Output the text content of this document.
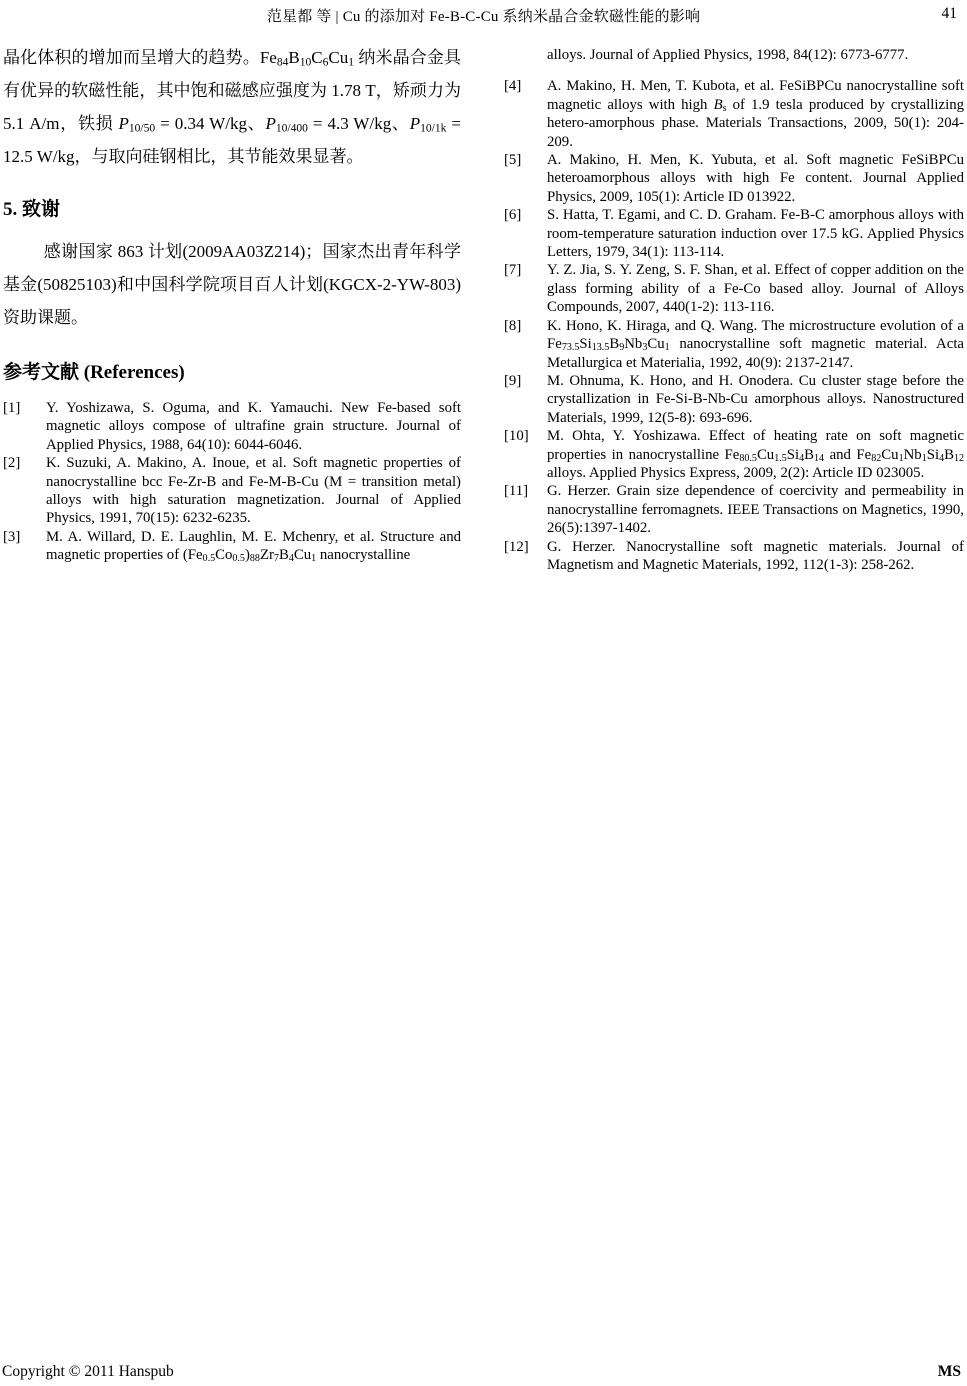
范星都 等 | Cu 的添加对 Fe-B-C-Cu 系纳米晶合金软磁性能的影响	41

晶化体积的增加而呈增大的趋势。$Fe_{84}B_{10}C_6Cu_1$ 纳米晶合金具有优异的软磁性能，其中饱和磁感应强度为 1.78 T，矫顽力为 5.1 A/m，铁损 $P_{10/50} = 0.34$ W/kg、$P_{10/400} = 4.3$ W/kg、$P_{10/1k} = 12.5$ W/kg，与取向硅钢相比，其节能效果显著。

5. 致谢

感谢国家 863 计划(2009AA03Z214)；国家杰出青年科学基金(50825103)和中国科学院项目百人计划(KGCX-2-YW-803)资助课题。

参考文献 (References)
[1]	Y. Yoshizawa, S. Oguma, and K. Yamauchi. New Fe-based soft magnetic alloys compose of ultrafine grain structure. Journal of Applied Physics, 1988, 64(10): 6044-6046.
[2]	K. Suzuki, A. Makino, A. Inoue, et al. Soft magnetic properties of nanocrystalline bcc Fe-Zr-B and Fe-M-B-Cu (M = transition metal) alloys with high saturation magnetization. Journal of Applied Physics, 1991, 70(15): 6232-6235.
[3]	M. A. Willard, D. E. Laughlin, M. E. Mchenry, et al. Structure and magnetic properties of $(Fe_{0.5}Co_{0.5})_{88}Zr_7B_4Cu_1$ nanocrystalline
alloys. Journal of Applied Physics, 1998, 84(12): 6773-6777.
[4]	A. Makino, H. Men, T. Kubota, et al. FeSiBPCu nanocrystalline soft magnetic alloys with high $B_s$ of 1.9 tesla produced by crystallizing hetero-amorphous phase. Materials Transactions, 2009, 50(1): 204-209.
[5]	A. Makino, H. Men, K. Yubuta, et al. Soft magnetic FeSiBPCu heteroamorphous alloys with high Fe content. Journal Applied Physics, 2009, 105(1): Article ID 013922.
[6]	S. Hatta, T. Egami, and C. D. Graham. Fe-B-C amorphous alloys with room-temperature saturation induction over 17.5 kG. Applied Physics Letters, 1979, 34(1): 113-114.
[7]	Y. Z. Jia, S. Y. Zeng, S. F. Shan, et al. Effect of copper addition on the glass forming ability of a Fe-Co based alloy. Journal of Alloys Compounds, 2007, 440(1-2): 113-116.
[8]	K. Hono, K. Hiraga, and Q. Wang. The microstructure evolution of a $Fe_{73.5}Si_{13.5}B_9Nb_3Cu_1$ nanocrystalline soft magnetic material. Acta Metallurgica et Materialia, 1992, 40(9): 2137-2147.
[9]	M. Ohnuma, K. Hono, and H. Onodera. Cu cluster stage before the crystallization in Fe-Si-B-Nb-Cu amorphous alloys. Nanostructured Materials, 1999, 12(5-8): 693-696.
[10]	M. Ohta, Y. Yoshizawa. Effect of heating rate on soft magnetic properties in nanocrystalline $Fe_{80.5}Cu_{1.5}Si_4B_{14}$ and $Fe_{82}Cu_1Nb_1Si_4B_{12}$ alloys. Applied Physics Express, 2009, 2(2): Article ID 023005.
[11]	G. Herzer. Grain size dependence of coercivity and permeability in nanocrystalline ferromagnets. IEEE Transactions on Magnetics, 1990, 26(5):1397-1402.
[12]	G. Herzer. Nanocrystalline soft magnetic materials. Journal of Magnetism and Magnetic Materials, 1992, 112(1-3): 258-262.
Copyright © 2011 Hanspub	MS
